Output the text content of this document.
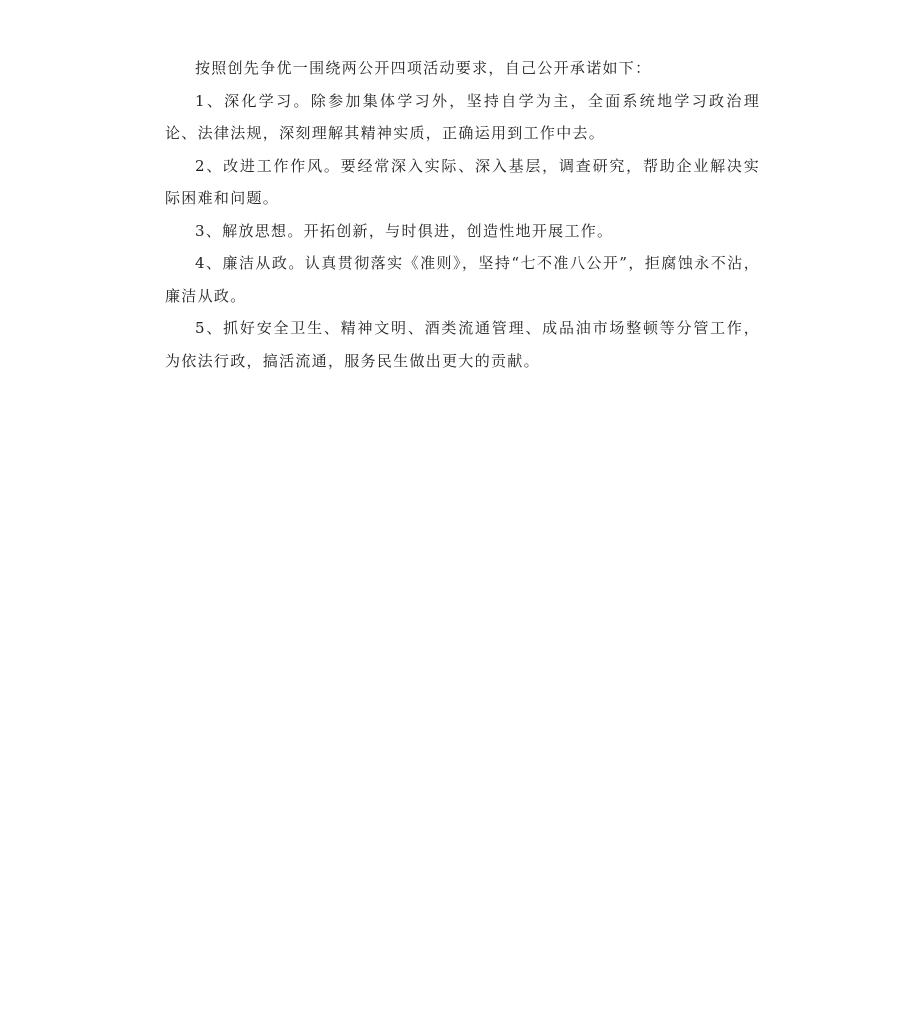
按照创先争优一围绕两公开四项活动要求，自己公开承诺如下：

1、深化学习。除参加集体学习外，坚持自学为主，全面系统地学习政治理论、法律法规，深刻理解其精神实质，正确运用到工作中去。

2、改进工作作风。要经常深入实际、深入基层，调查研究，帮助企业解决实际困难和问题。

3、解放思想。开拓创新，与时俱进，创造性地开展工作。

4、廉洁从政。认真贯彻落实《准则》，坚持“七不准八公开”，拒腐蚀永不沾，廉洁从政。

5、抓好安全卫生、精神文明、酒类流通管理、成品油市场整顿等分管工作，为依法行政，搞活流通，服务民生做出更大的贡献。
